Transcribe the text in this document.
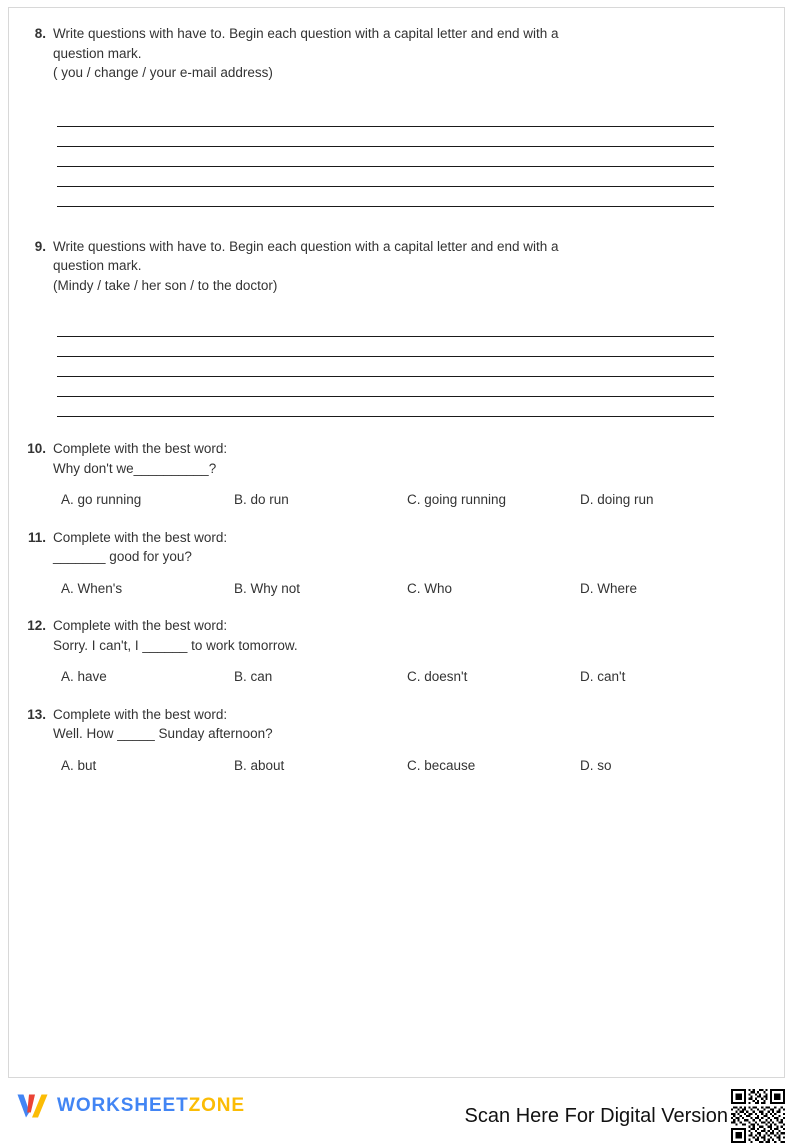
8. Write questions with have to. Begin each question with a capital letter and end with a question mark.
( you / change / your e-mail address)
9. Write questions with have to. Begin each question with a capital letter and end with a question mark.
(Mindy / take / her son / to the doctor)
10. Complete with the best word:
Why don't we__________?
A. go running	B. do run	C. going running	D. doing run
11. Complete with the best word:
_______ good for you?
A. When's	B. Why not	C. Who	D. Where
12. Complete with the best word:
Sorry. I can't, I ______ to work tomorrow.
A. have	B. can	C. doesn't	D. can't
13. Complete with the best word:
Well. How _____ Sunday afternoon?
A. but	B. about	C. because	D. so
WORKSHEETZONE	Scan Here For Digital Version
